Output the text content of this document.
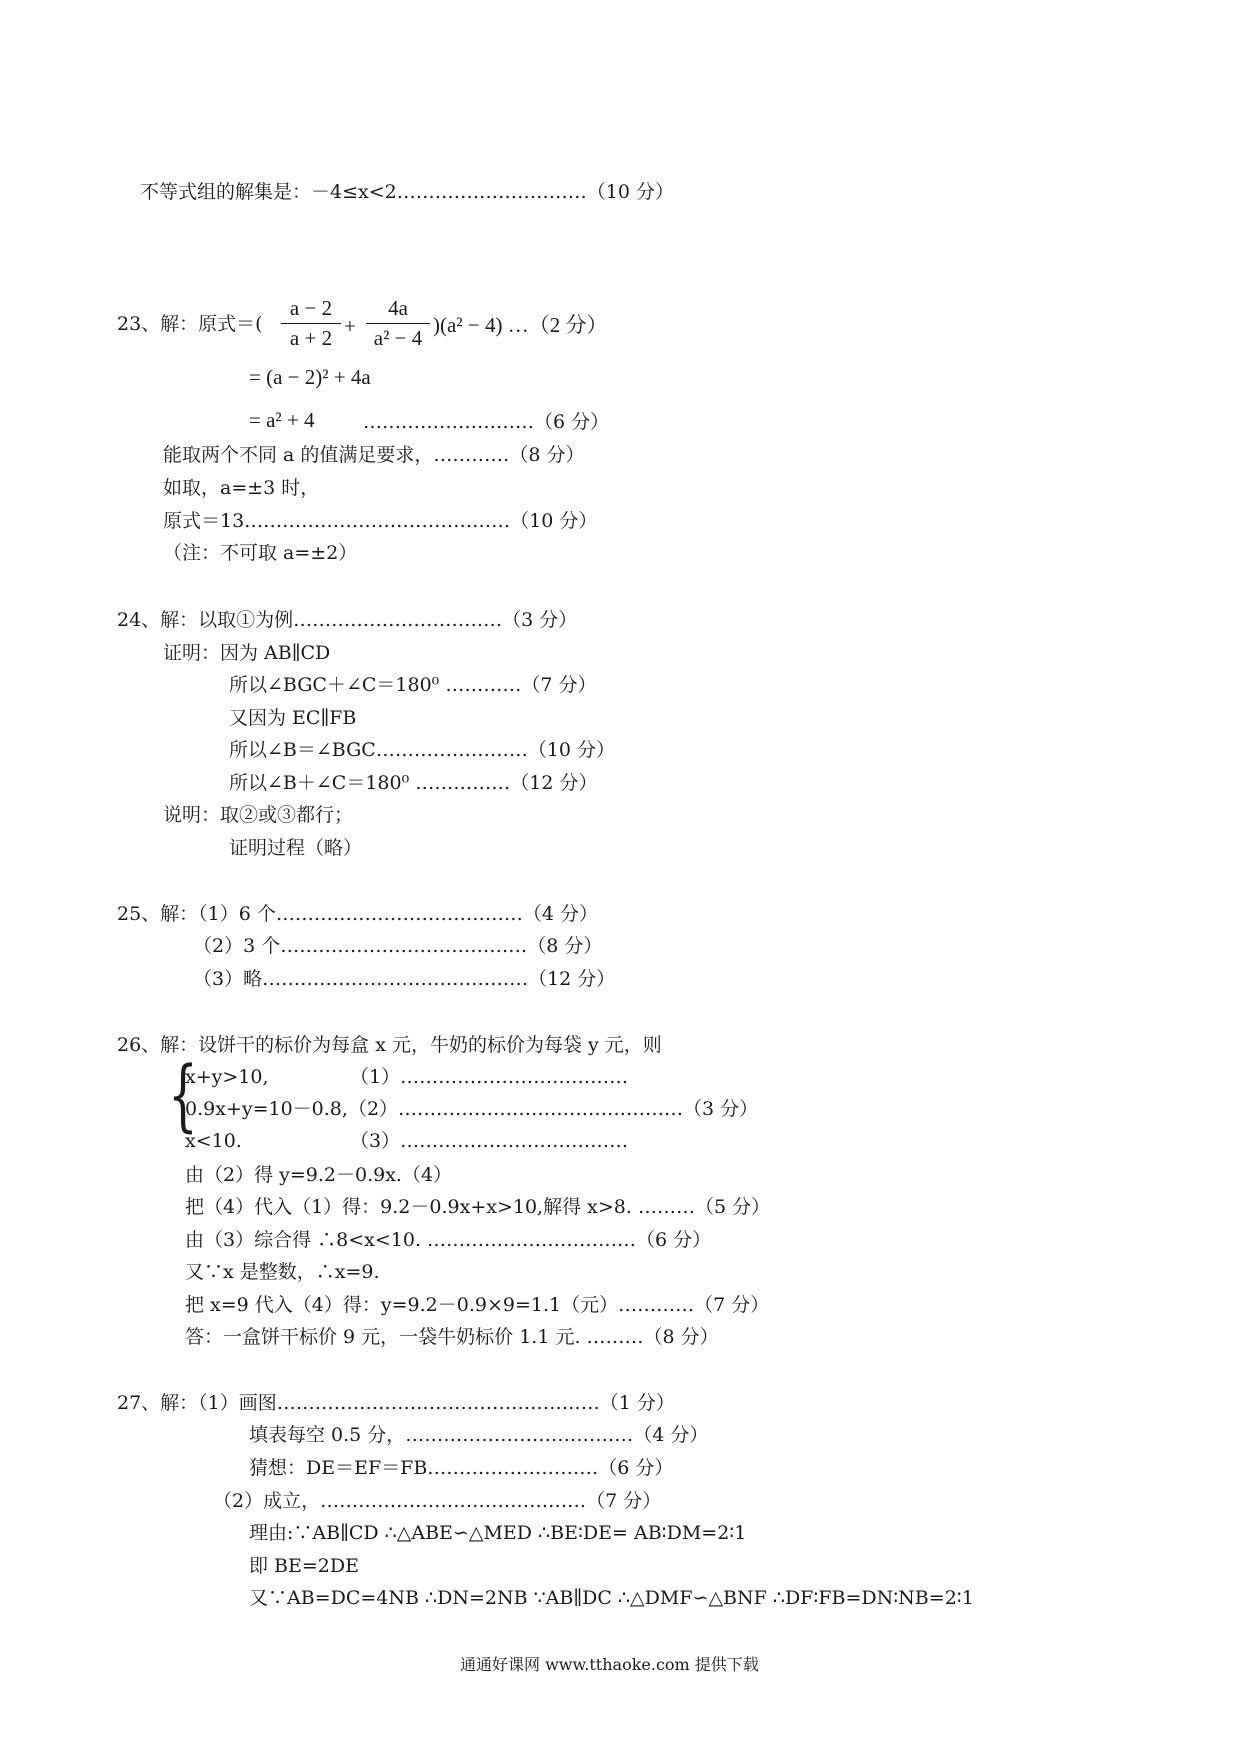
不等式组的解集是：－4≤x<2…………………………（10 分）
23、解：原式＝( $\frac{a - 2}{a + 2} + \frac{4a}{\text{a² − 4}} )(a^2 - 4)$ …（2 分）
= (a − 2)² + 4a
= a² + 4	………………………（6 分）
能取两个不同 a 的值满足要求，…………（8 分）
如取，a=±3 时，
原式＝13……………………………………（10 分）
（注：不可取 a=±2）
24、解：以取①为例……………………………（3 分）
证明：因为 AB∥CD
所以∠BGC＋∠C＝180⁰ …………（7 分）
又因为 EC∥FB
所以∠B＝∠BGC……………………（10 分）
所以∠B＋∠C＝180⁰ ……………（12 分）
说明：取②或③都行；
证明过程（略）
25、解：（1）6 个…………………………………（4 分）
（2）3 个…………………………………（8 分）
（3）略……………………………………（12 分）
26、解：设饼干的标价为每盒 x 元，牛奶的标价为每袋 y 元，则
{
x+y>10,	（1）………………………………
0.9x+y=10－0.8,（2）………………………………………（3 分）
x<10.	（3）………………………………
由（2）得 y=9.2－0.9x.（4）
把（4）代入（1）得：9.2－0.9x+x>10,解得 x>8. ………（5 分）
由（3）综合得 ∴8<x<10. ……………………………（6 分）
又∵x 是整数，∴x=9.
把 x=9 代入（4）得：y=9.2－0.9×9=1.1（元）…………（7 分）
答：一盒饼干标价 9 元，一袋牛奶标价 1.1 元. ………（8 分）
27、解：（1）画图……………………………………………（1 分）
填表每空 0.5 分，………………………………（4 分）
猜想：DE＝EF＝FB………………………（6 分）
（2）成立，……………………………………（7 分）
理由:∵AB∥CD ∴△ABE∽△MED ∴BE∶DE= AB∶DM=2∶1
即 BE=2DE
又∵AB=DC=4NB ∴DN=2NB ∵AB∥DC ∴△DMF∽△BNF ∴DF∶FB=DN∶NB=2∶1
通通好课网 www.tthaoke.com 提供下载
